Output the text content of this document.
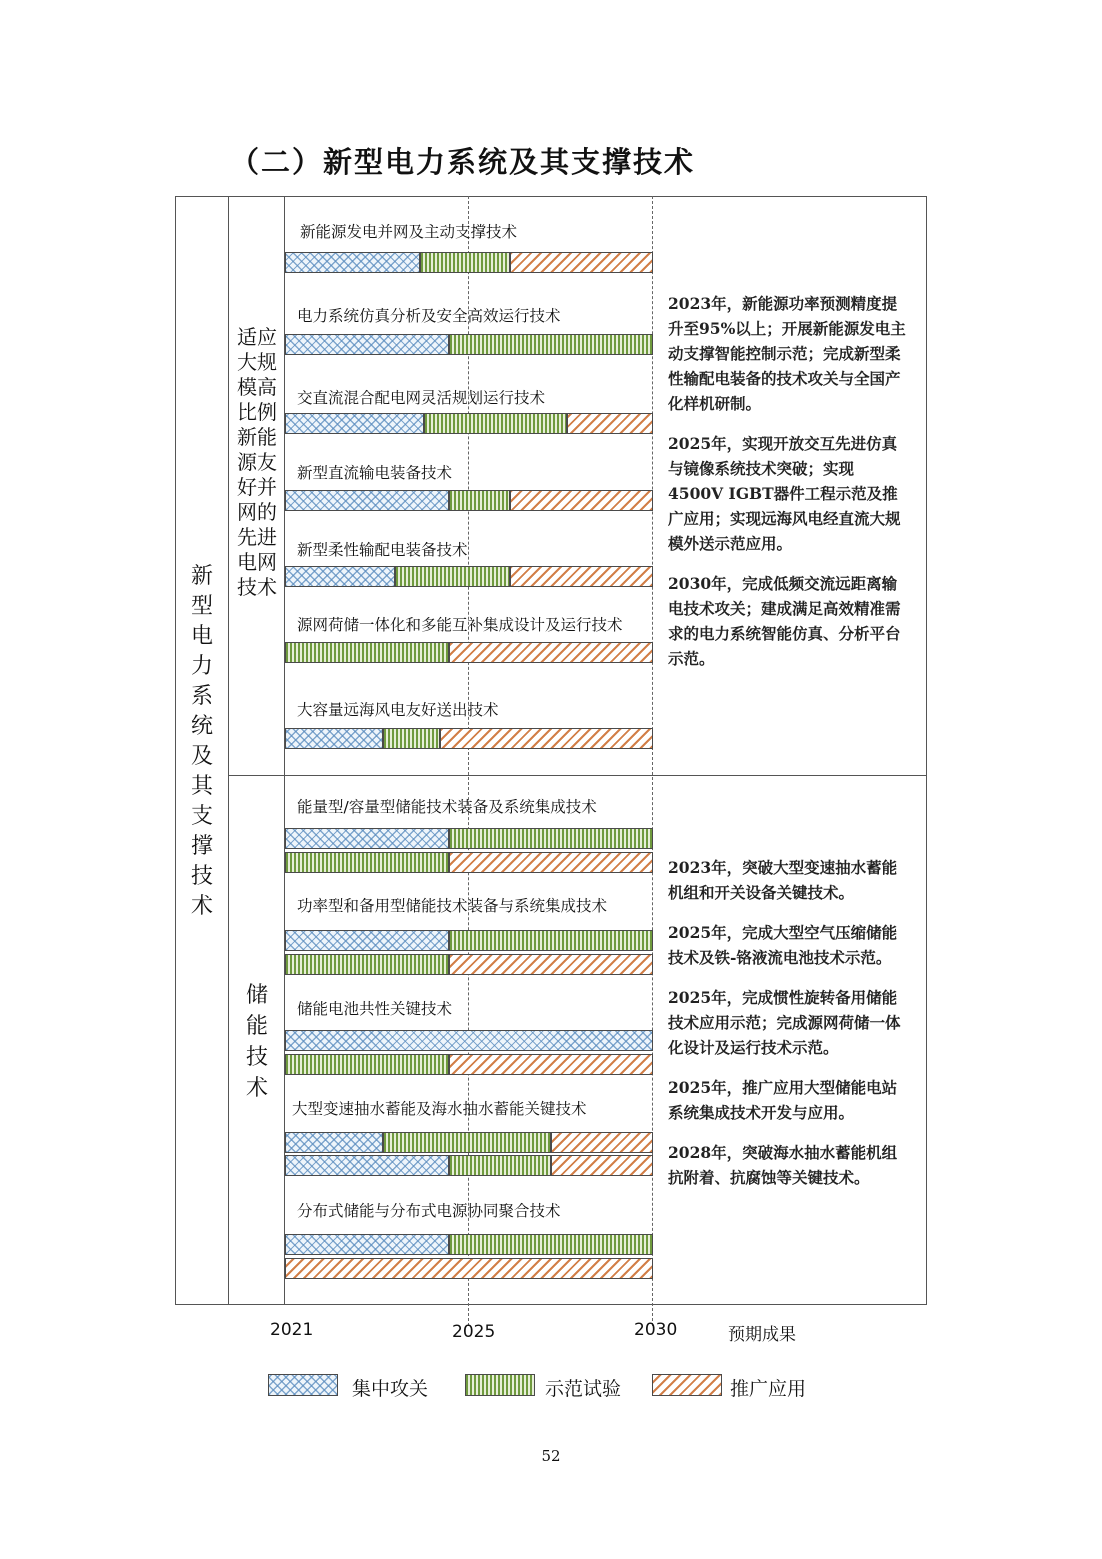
（二）新型电力系统及其支撑技术
新
型
电
力
系
统
及
其
支
撑
技
术
适应
大规
模高
比例
新能
源友
好并
网的
先进
电网
技术
储
能
技
术
新能源发电并网及主动支撑技术
电力系统仿真分析及安全高效运行技术
交直流混合配电网灵活规划运行技术
新型直流输电装备技术
新型柔性输配电装备技术
源网荷储一体化和多能互补集成设计及运行技术
大容量远海风电友好送出技术
能量型/容量型储能技术装备及系统集成技术
功率型和备用型储能技术装备与系统集成技术
储能电池共性关键技术
大型变速抽水蓄能及海水抽水蓄能关键技术
分布式储能与分布式电源协同聚合技术

2023年，新能源功率预测精度提升至95%以上；开展新能源发电主动支撑智能控制示范；完成新型柔性输配电装备的技术攻关与全国产化样机研制。

2025年，实现开放交互先进仿真与镜像系统技术突破；实现4500V IGBT器件工程示范及推广应用；实现远海风电经直流大规模外送示范应用。

2030年，完成低频交流远距离输电技术攻关；建成满足高效精准需求的电力系统智能仿真、分析平台示范。

2023年，突破大型变速抽水蓄能机组和开关设备关键技术。

2025年，完成大型空气压缩储能技术及铁-铬液流电池技术示范。

2025年，完成惯性旋转备用储能技术应用示范；完成源网荷储一体化设计及运行技术示范。

2025年，推广应用大型储能电站系统集成技术开发与应用。

2028年，突破海水抽水蓄能机组抗附着、抗腐蚀等关键技术。

2021	2025	2030	预期成果
集中攻关	示范试验	推广应用
52
